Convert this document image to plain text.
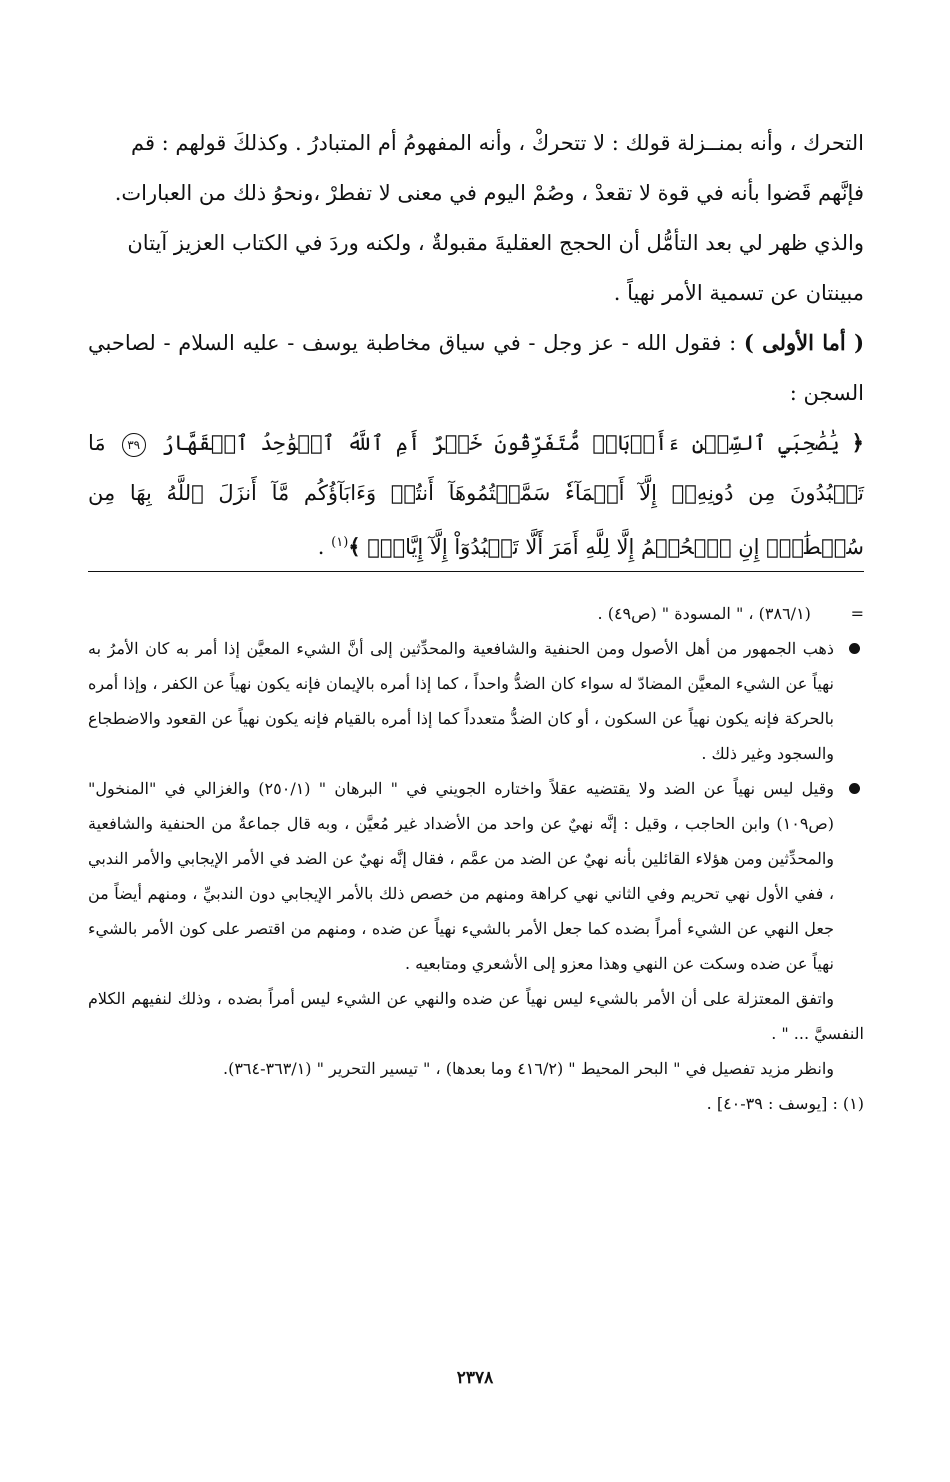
التحرك ، وأنه بمنــزلة قولك : لا تتحركْ ، وأنه المفهومُ أم المتبادرُ . وكذلكَ قولهم : قم

فإنَّهم قَضوا بأنه في قوة لا تقعدْ ، وصُمْ اليوم في معنى لا تفطرْ ،ونحوُ ذلك من العبارات.

والذي ظهر لي بعد التأمُّل أن الحجج العقليةَ مقبولةٌ ، ولكنه وردَ في الكتاب العزيز آيتان

مبينتان عن تسمية الأمر نهياً .

( أما الأولى ) : فقول الله - عز وجل - في سياق مخاطبة يوسف - عليه السلام - لصاحبي السجن :

﴿ يَٰصَٰحِبَيِ ٱلسِّجۡنِ ءَأَرۡبَابٞ مُّتَفَرِّقُونَ خَيۡرٌ أَمِ ٱللَّهُ ٱلۡوَٰحِدُ ٱلۡقَهَّارُ ٣٩ مَا تَعۡبُدُونَ مِن دُونِهِۦٓ إِلَّآ أَسۡمَآءٗ سَمَّيۡتُمُوهَآ أَنتُمۡ وَءَابَآؤُكُم مَّآ أَنزَلَ ٱللَّهُ بِهَا مِن سُلۡطَٰنٍۚ إِنِ ٱلۡحُكۡمُ إِلَّا لِلَّهِ أَمَرَ أَلَّا تَعۡبُدُوٓاْ إِلَّآ إِيَّاهُۚ ﴾$^{(١)}$ .

= (٣٨٦/١) ، " المسودة " (ص٤٩) .

ذهب الجمهور من أهل الأصول ومن الحنفية والشافعية والمحدِّثين إلى أنَّ الشيء المعيَّن إذا أمر به كان الأمرُ به نهياً عن الشيء المعيَّن المضادّ له سواء كان الضدُّ واحداً ، كما إذا أمره بالإيمان فإنه يكون نهياً عن الكفر ، وإذا أمره بالحركة فإنه يكون نهياً عن السكون ، أو كان الضدُّ متعدداً كما إذا أمره بالقيام فإنه يكون نهياً عن القعود والاضطجاع والسجود وغير ذلك .

وقيل ليس نهياً عن الضد ولا يقتضيه عقلاً واختاره الجويني في " البرهان " (٢٥٠/١) والغزالي في "المنخول" (ص١٠٩) وابن الحاجب ، وقيل : إنَّه نهيٌ عن واحد من الأضداد غير مُعيَّن ، وبه قال جماعةٌ من الحنفية والشافعية والمحدِّثين ومن هؤلاء القائلين بأنه نهيٌ عن الضد من عمَّم ، فقال إنَّه نهيٌ عن الضد في الأمر الإيجابي والأمر الندبي ، ففي الأول نهي تحريم وفي الثاني نهي كراهة ومنهم من خصص ذلك بالأمر الإيجابي دون الندبيِّ ، ومنهم أيضاً من جعل النهي عن الشيء أمراً بضده كما جعل الأمر بالشيء نهياً عن ضده ، ومنهم من اقتصر على كون الأمر بالشيء نهياً عن ضده وسكت عن النهي وهذا معزو إلى الأشعري ومتابعيه .

واتفق المعتزلة على أن الأمر بالشيء ليس نهياً عن ضده والنهي عن الشيء ليس أمراً بضده ، وذلك لنفيهم الكلام النفسيَّ ... " .

وانظر مزيد تفصيل في " البحر المحيط " (٤١٦/٢ وما بعدها) ، " تيسير التحرير " (٣٦٣/١-٣٦٤).

(١) : [يوسف : ٣٩-٤٠] .

٢٣٧٨
